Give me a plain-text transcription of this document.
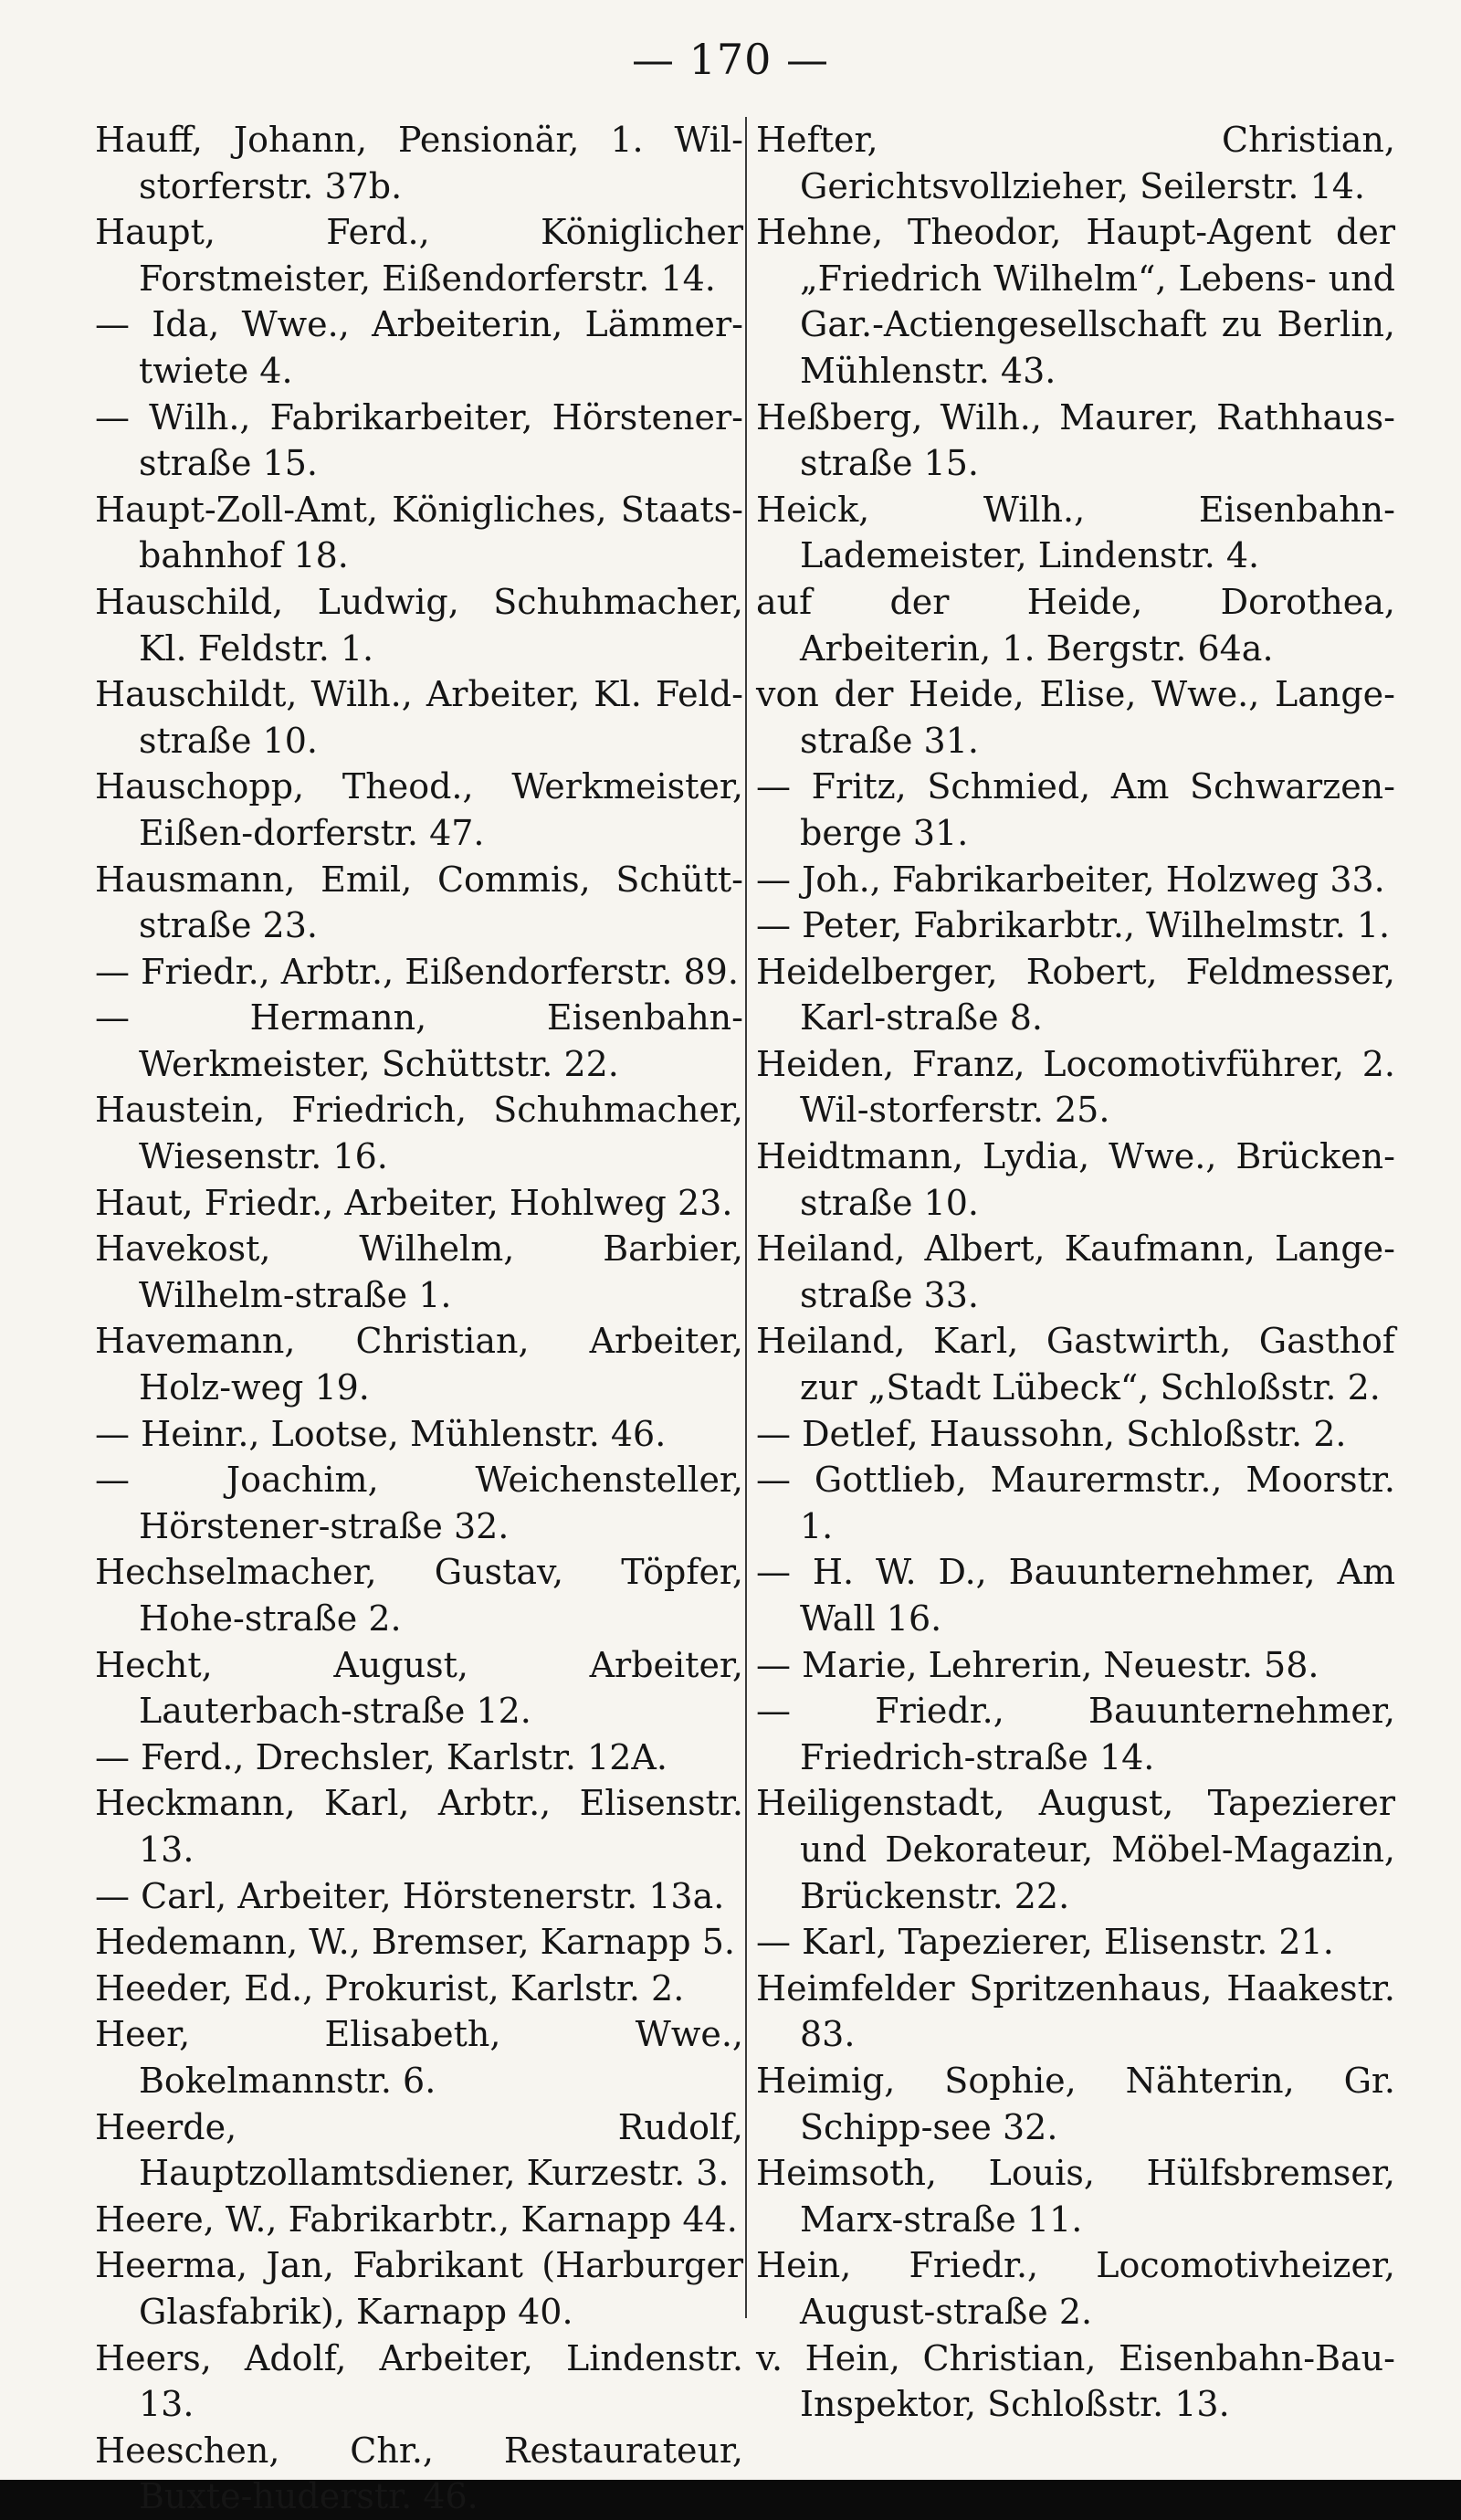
— 170 —

Hauff, Johann, Pensionär, 1. Wil-storferstr. 37b.

Haupt, Ferd., Königlicher Forstmeister, Eißendorferstr. 14.

— Ida, Wwe., Arbeiterin, Lämmer-twiete 4.

— Wilh., Fabrikarbeiter, Hörstener-straße 15.

Haupt-Zoll-Amt, Königliches, Staats-bahnhof 18.

Hauschild, Ludwig, Schuhmacher, Kl. Feldstr. 1.

Hauschildt, Wilh., Arbeiter, Kl. Feld-straße 10.

Hauschopp, Theod., Werkmeister, Eißen-dorferstr. 47.

Hausmann, Emil, Commis, Schütt-straße 23.

— Friedr., Arbtr., Eißendorferstr. 89.

— Hermann, Eisenbahn-Werkmeister, Schüttstr. 22.

Haustein, Friedrich, Schuhmacher, Wiesenstr. 16.

Haut, Friedr., Arbeiter, Hohlweg 23.

Havekost, Wilhelm, Barbier, Wilhelm-straße 1.

Havemann, Christian, Arbeiter, Holz-weg 19.

— Heinr., Lootse, Mühlenstr. 46.

— Joachim, Weichensteller, Hörstener-straße 32.

Hechselmacher, Gustav, Töpfer, Hohe-straße 2.

Hecht, August, Arbeiter, Lauterbach-straße 12.

— Ferd., Drechsler, Karlstr. 12A.

Heckmann, Karl, Arbtr., Elisenstr. 13.

— Carl, Arbeiter, Hörstenerstr. 13a.

Hedemann, W., Bremser, Karnapp 5.

Heeder, Ed., Prokurist, Karlstr. 2.

Heer, Elisabeth, Wwe., Bokelmannstr. 6.

Heerde, Rudolf, Hauptzollamtsdiener, Kurzestr. 3.

Heere, W., Fabrikarbtr., Karnapp 44.

Heerma, Jan, Fabrikant (Harburger Glasfabrik), Karnapp 40.

Heers, Adolf, Arbeiter, Lindenstr. 13.

Heeschen, Chr., Restaurateur, Buxte-huderstr. 46.

Hefter, Christian, Gerichtsvollzieher, Seilerstr. 14.

Hehne, Theodor, Haupt-Agent der „Friedrich Wilhelm“, Lebens- und Gar.-Actiengesellschaft zu Berlin, Mühlenstr. 43.

Heßberg, Wilh., Maurer, Rathhaus-straße 15.

Heick, Wilh., Eisenbahn-Lademeister, Lindenstr. 4.

auf der Heide, Dorothea, Arbeiterin, 1. Bergstr. 64a.

von der Heide, Elise, Wwe., Lange-straße 31.

— Fritz, Schmied, Am Schwarzen-berge 31.

— Joh., Fabrikarbeiter, Holzweg 33.

— Peter, Fabrikarbtr., Wilhelmstr. 1.

Heidelberger, Robert, Feldmesser, Karl-straße 8.

Heiden, Franz, Locomotivführer, 2. Wil-storferstr. 25.

Heidtmann, Lydia, Wwe., Brücken-straße 10.

Heiland, Albert, Kaufmann, Lange-straße 33.

Heiland, Karl, Gastwirth, Gasthof zur „Stadt Lübeck“, Schloßstr. 2.

— Detlef, Haussohn, Schloßstr. 2.

— Gottlieb, Maurermstr., Moorstr. 1.

— H. W. D., Bauunternehmer, Am Wall 16.

— Marie, Lehrerin, Neuestr. 58.

— Friedr., Bauunternehmer, Friedrich-straße 14.

Heiligenstadt, August, Tapezierer und Dekorateur, Möbel-Magazin, Brückenstr. 22.

— Karl, Tapezierer, Elisenstr. 21.

Heimfelder Spritzenhaus, Haakestr. 83.

Heimig, Sophie, Nähterin, Gr. Schipp-see 32.

Heimsoth, Louis, Hülfsbremser, Marx-straße 11.

Hein, Friedr., Locomotivheizer, August-straße 2.

v. Hein, Christian, Eisenbahn-Bau-Inspektor, Schloßstr. 13.
